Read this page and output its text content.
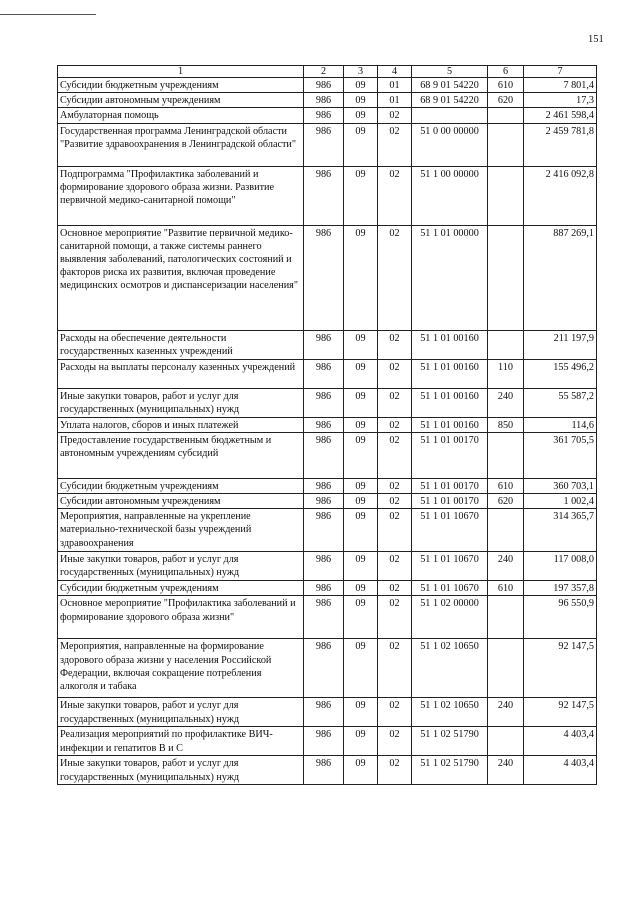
151
1	2	3	4	5	6	7
Субсидии бюджетным учреждениям	986	09	01	68 9 01 54220	610	7 801,4
Субсидии автономным учреждениям	986	09	01	68 9 01 54220	620	17,3
Амбулаторная помощь	986	09	02			2 461 598,4
Государственная программа Ленинградской области "Развитие здравоохранения в Ленинградской области"	986	09	02	51 0 00 00000		2 459 781,8
Подпрограмма "Профилактика заболеваний и формирование здорового образа жизни. Развитие первичной медико-санитарной помощи"	986	09	02	51 1 00 00000		2 416 092,8
Основное мероприятие "Развитие первичной медико-санитарной помощи, а также системы раннего выявления заболеваний, патологических состояний и факторов риска их развития, включая проведение медицинских осмотров и диспансеризации населения"	986	09	02	51 1 01 00000		887 269,1
Расходы на обеспечение деятельности государственных казенных учреждений	986	09	02	51 1 01 00160		211 197,9
Расходы на выплаты персоналу казенных учреждений	986	09	02	51 1 01 00160	110	155 496,2
Иные закупки товаров, работ и услуг для государственных (муниципальных) нужд	986	09	02	51 1 01 00160	240	55 587,2
Уплата налогов, сборов и иных платежей	986	09	02	51 1 01 00160	850	114,6
Предоставление государственным бюджетным и автономным учреждениям субсидий	986	09	02	51 1 01 00170		361 705,5
Субсидии бюджетным учреждениям	986	09	02	51 1 01 00170	610	360 703,1
Субсидии автономным учреждениям	986	09	02	51 1 01 00170	620	1 002,4
Мероприятия, направленные на укрепление материально-технической базы учреждений здравоохранения	986	09	02	51 1 01 10670		314 365,7
Иные закупки товаров, работ и услуг для государственных (муниципальных) нужд	986	09	02	51 1 01 10670	240	117 008,0
Субсидии бюджетным учреждениям	986	09	02	51 1 01 10670	610	197 357,8
Основное мероприятие "Профилактика заболеваний и формирование здорового образа жизни"	986	09	02	51 1 02 00000		96 550,9
Мероприятия, направленные на формирование здорового образа жизни у населения Российской Федерации, включая сокращение потребления алкоголя и табака	986	09	02	51 1 02 10650		92 147,5
Иные закупки товаров, работ и услуг для государственных (муниципальных) нужд	986	09	02	51 1 02 10650	240	92 147,5
Реализация мероприятий по профилактике ВИЧ-инфекции и гепатитов В и С	986	09	02	51 1 02 51790		4 403,4
Иные закупки товаров, работ и услуг для государственных (муниципальных) нужд	986	09	02	51 1 02 51790	240	4 403,4
